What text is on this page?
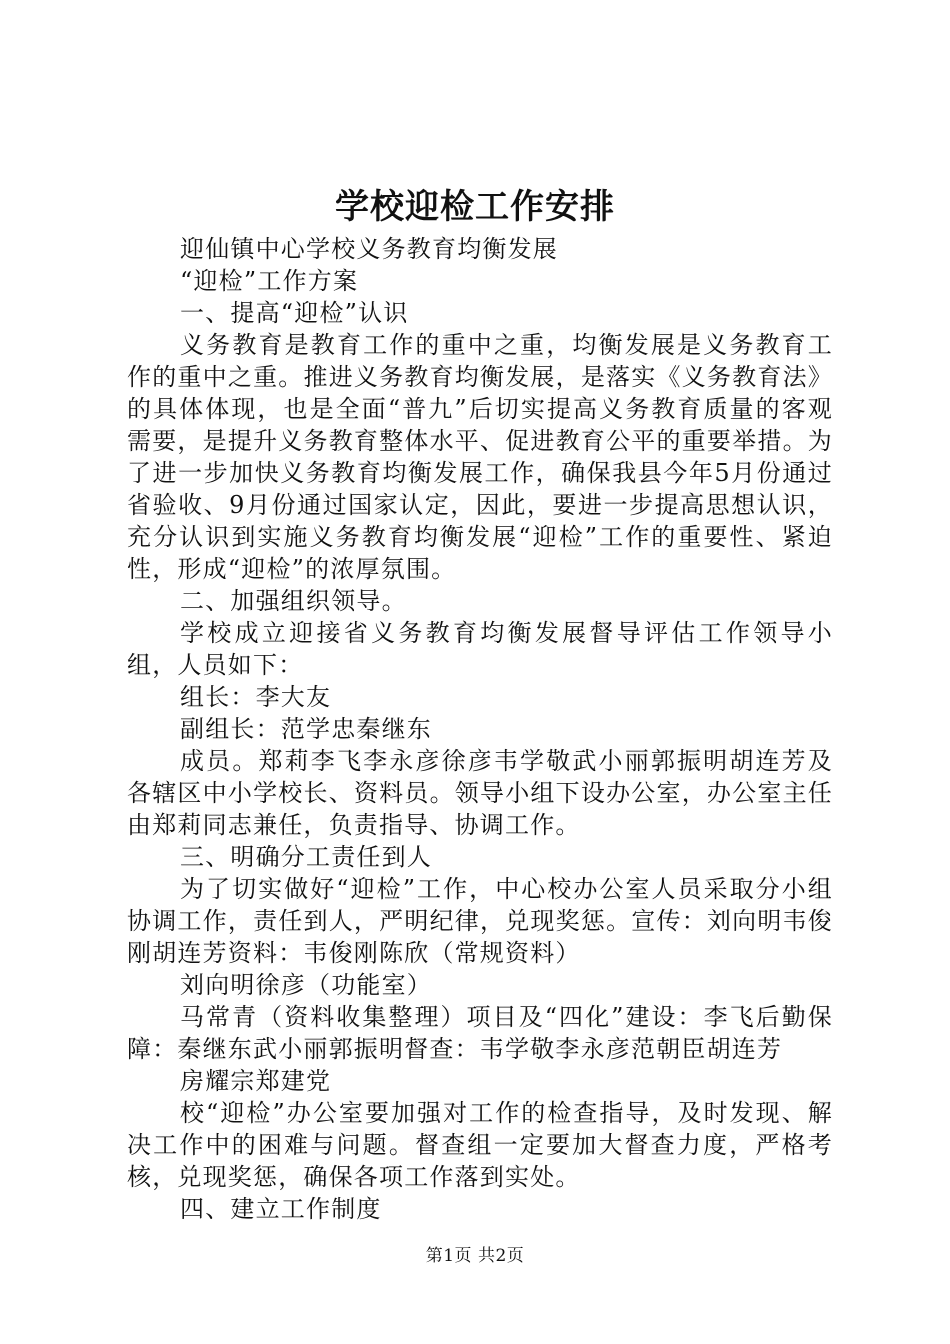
学校迎检工作安排

迎仙镇中心学校义务教育均衡发展

“迎检”工作方案

一、提高“迎检”认识

义务教育是教育工作的重中之重，均衡发展是义务教育工作的重中之重。推进义务教育均衡发展，是落实《义务教育法》的具体体现，也是全面“普九”后切实提高义务教育质量的客观需要，是提升义务教育整体水平、促进教育公平的重要举措。为了进一步加快义务教育均衡发展工作，确保我县今年5月份通过省验收、9月份通过国家认定，因此，要进一步提高思想认识，充分认识到实施义务教育均衡发展“迎检”工作的重要性、紧迫性，形成“迎检”的浓厚氛围。

二、加强组织领导。

学校成立迎接省义务教育均衡发展督导评估工作领导小组，人员如下：

组长：李大友

副组长：范学忠秦继东

成员。郑莉李飞李永彦徐彦韦学敬武小丽郭振明胡连芳及各辖区中小学校长、资料员。领导小组下设办公室，办公室主任由郑莉同志兼任，负责指导、协调工作。

三、明确分工责任到人

为了切实做好“迎检”工作，中心校办公室人员采取分小组协调工作，责任到人，严明纪律，兑现奖惩。宣传：刘向明韦俊刚胡连芳资料：韦俊刚陈欣（常规资料）

刘向明徐彦（功能室）

马常青（资料收集整理）项目及“四化”建设：李飞后勤保障：秦继东武小丽郭振明督查：韦学敬李永彦范朝臣胡连芳

房耀宗郑建党

校“迎检”办公室要加强对工作的检查指导，及时发现、解决工作中的困难与问题。督查组一定要加大督查力度，严格考核，兑现奖惩，确保各项工作落到实处。

四、建立工作制度

第1页 共2页
